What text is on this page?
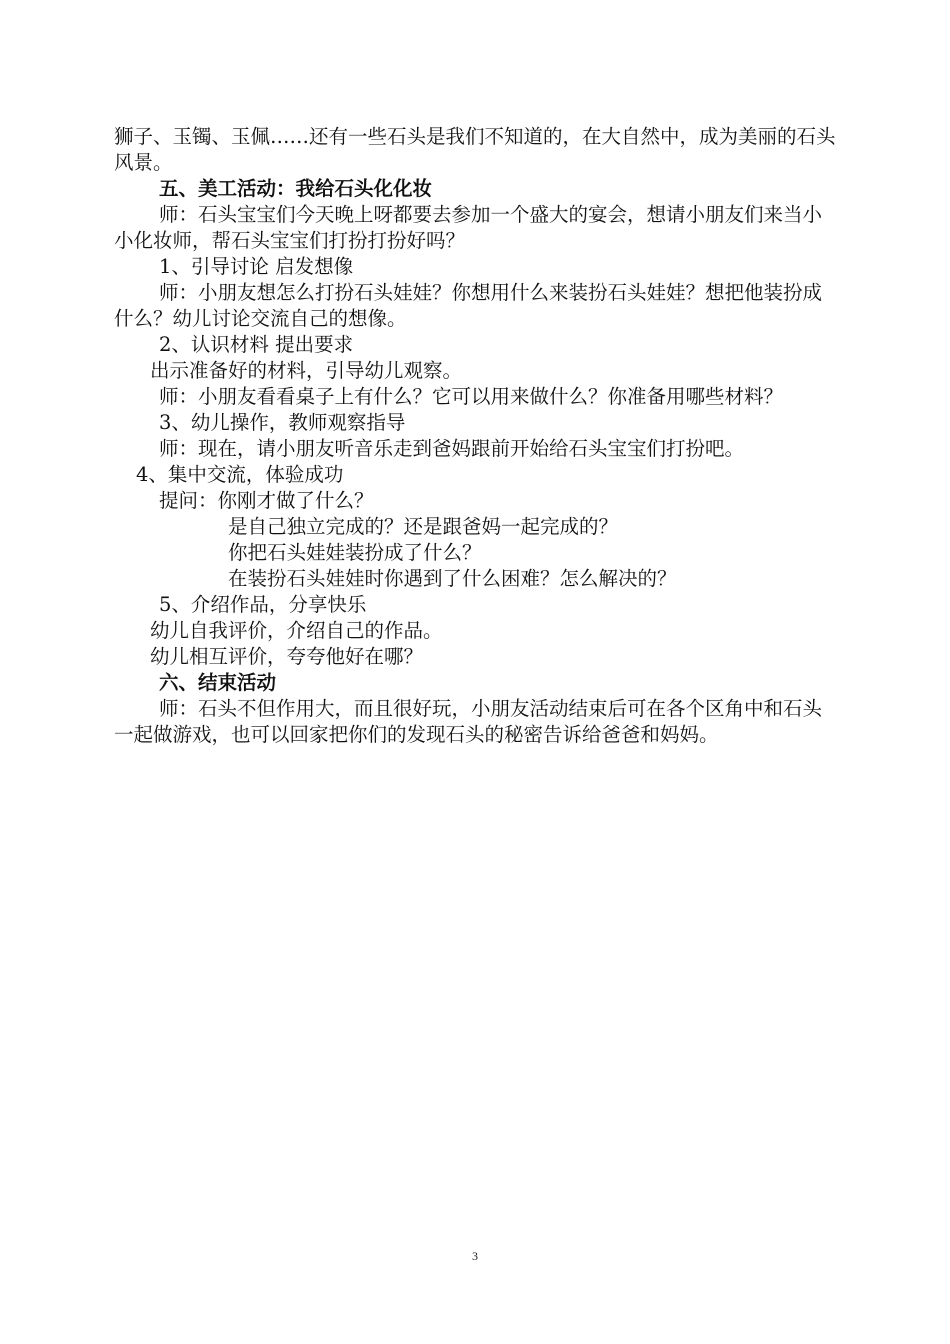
狮子、玉镯、玉佩……还有一些石头是我们不知道的，在大自然中，成为美丽的石头风景。

五、美工活动：我给石头化化妆

师：石头宝宝们今天晚上呀都要去参加一个盛大的宴会，想请小朋友们来当小小化妆师，帮石头宝宝们打扮打扮好吗？

1、引导讨论 启发想像

师：小朋友想怎么打扮石头娃娃？你想用什么来装扮石头娃娃？想把他装扮成什么？幼儿讨论交流自己的想像。

2、认识材料 提出要求

出示准备好的材料，引导幼儿观察。

师：小朋友看看桌子上有什么？它可以用来做什么？你准备用哪些材料？

3、幼儿操作，教师观察指导

师：现在，请小朋友听音乐走到爸妈跟前开始给石头宝宝们打扮吧。

4、集中交流，体验成功

提问：你刚才做了什么？

是自己独立完成的？还是跟爸妈一起完成的？

你把石头娃娃装扮成了什么？

在装扮石头娃娃时你遇到了什么困难？怎么解决的？

5、介绍作品，分享快乐

幼儿自我评价，介绍自己的作品。

幼儿相互评价，夸夸他好在哪？

六、结束活动

师：石头不但作用大，而且很好玩，小朋友活动结束后可在各个区角中和石头一起做游戏，也可以回家把你们的发现石头的秘密告诉给爸爸和妈妈。

3
